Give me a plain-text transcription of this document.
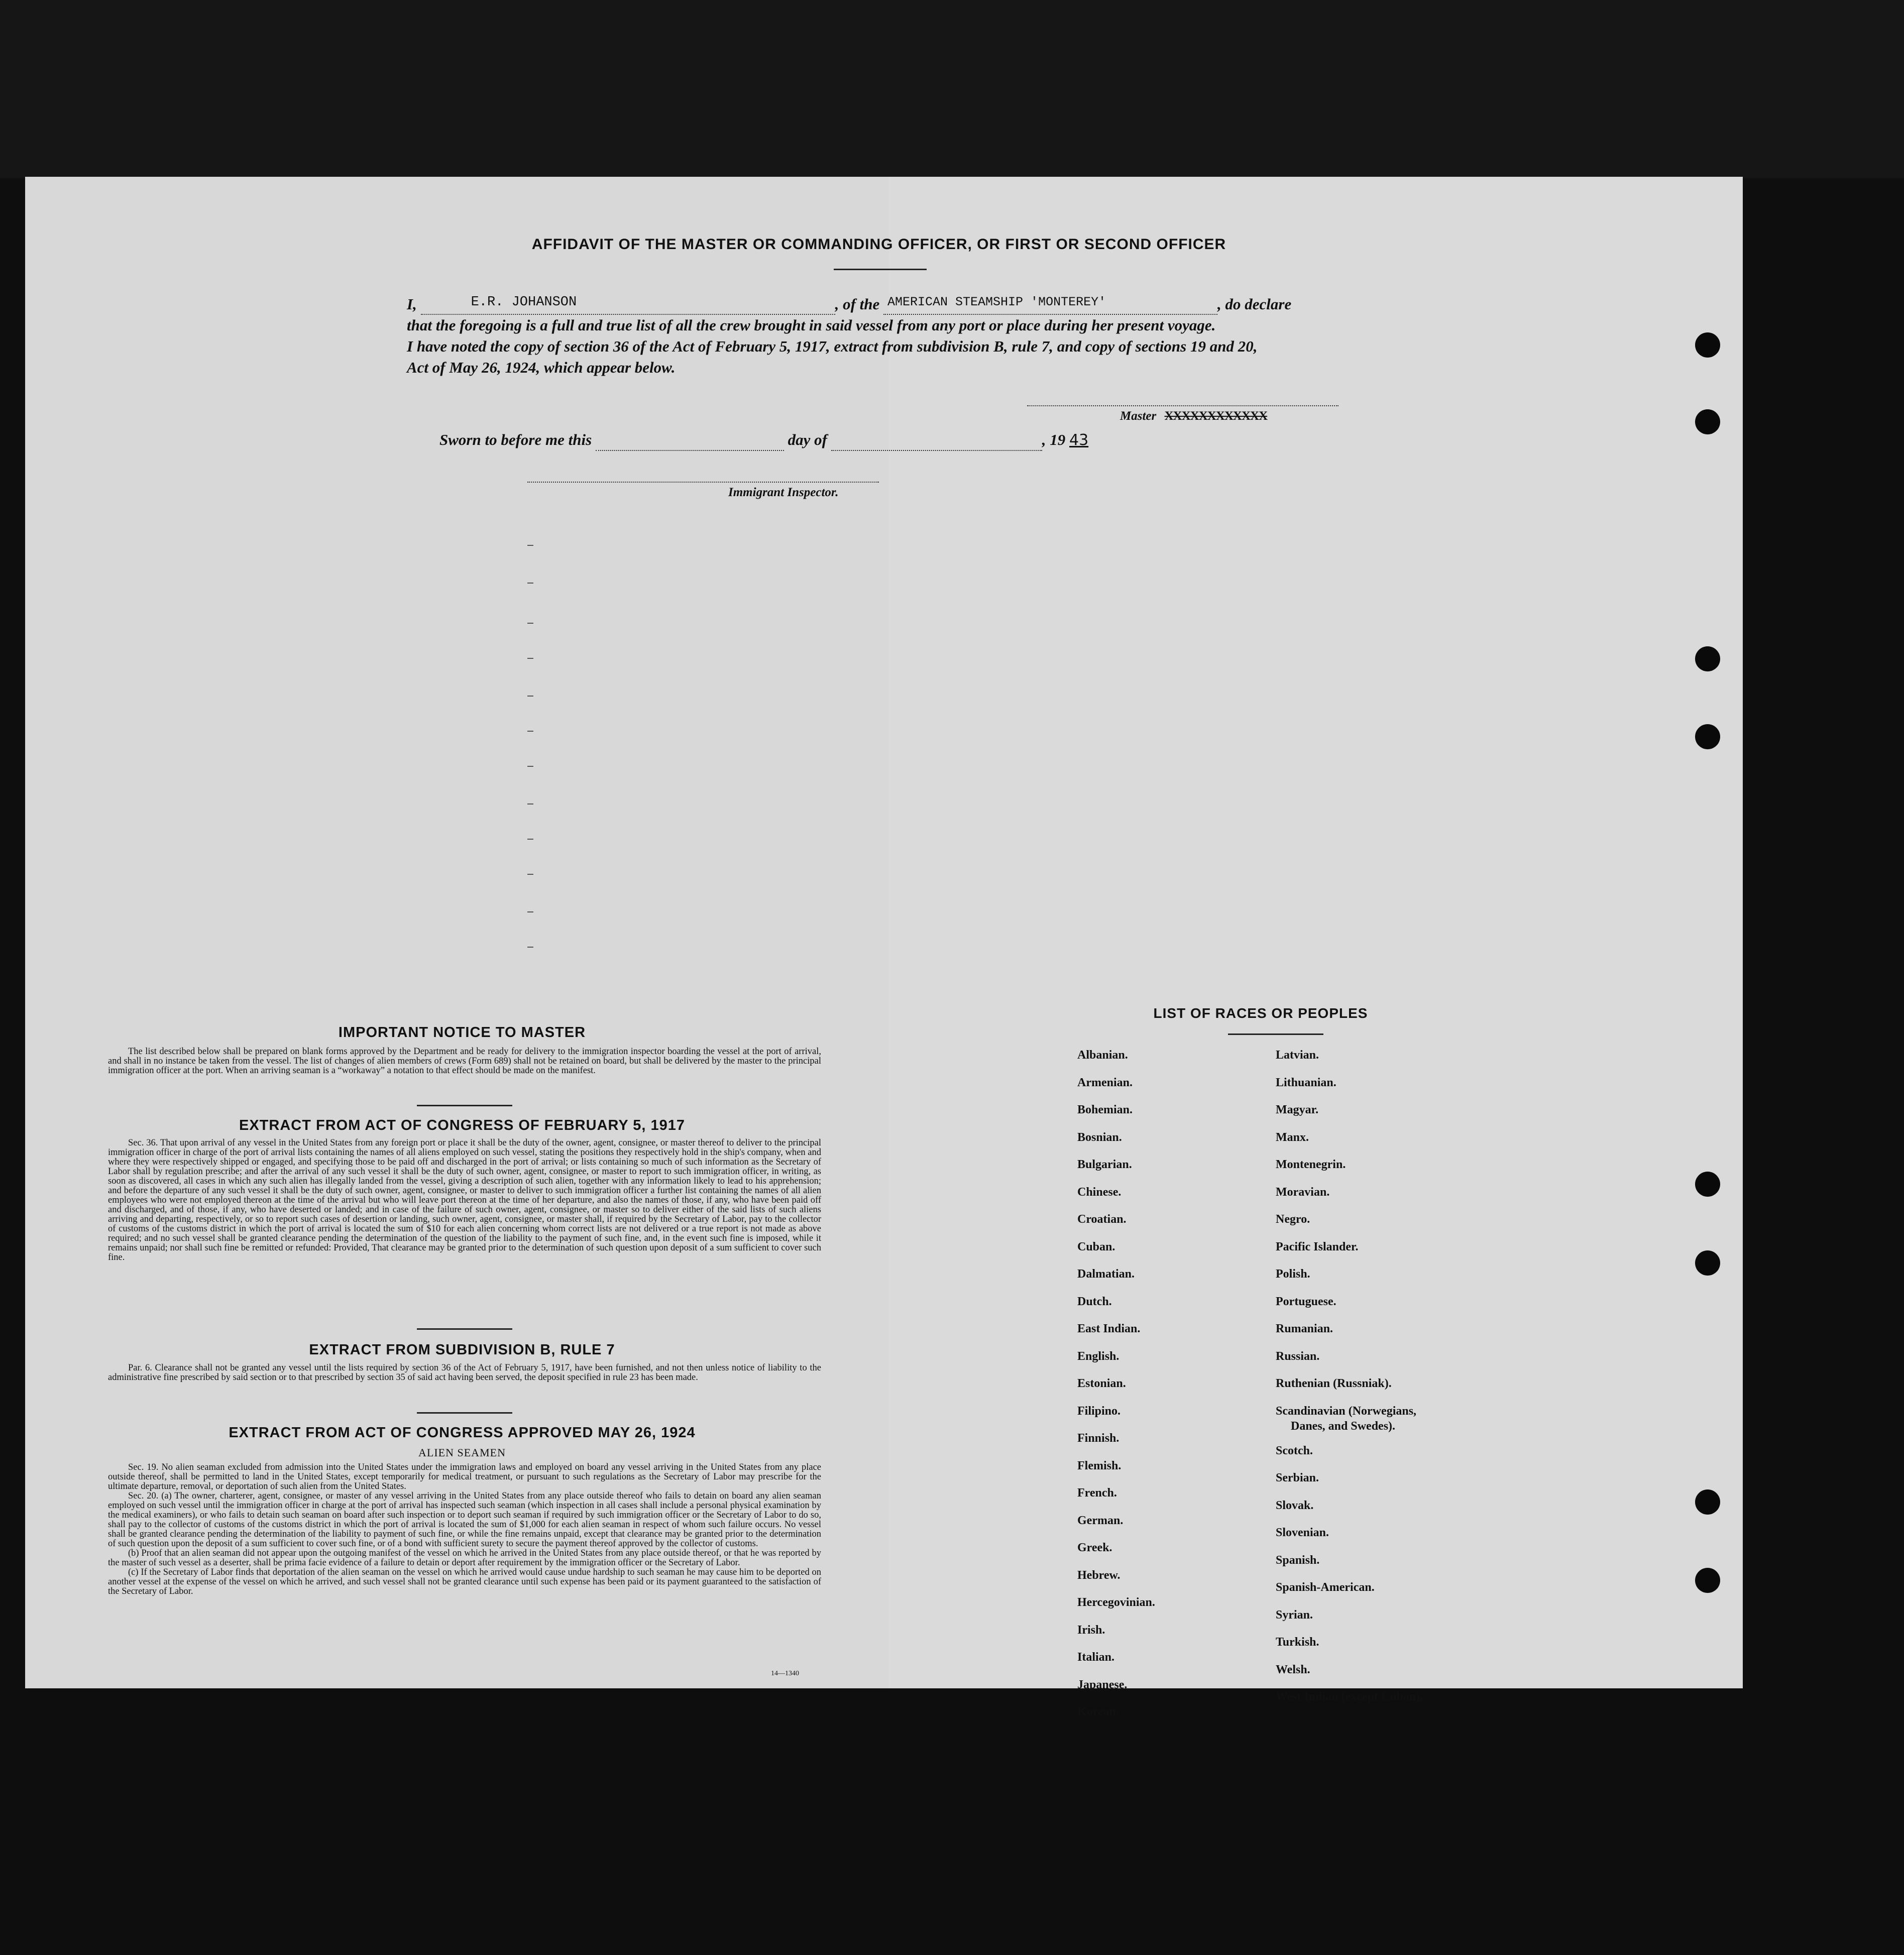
AFFIDAVIT OF THE MASTER OR COMMANDING OFFICER, OR FIRST OR SECOND OFFICER
I,	E.R. JOHANSON	, of the AMERICAN STEAMSHIP 'MONTEREY'	, do declare
that the foregoing is a full and true list of all the crew brought in said vessel from any port or place during her present voyage.
I have noted the copy of section 36 of the Act of February 5, 1917, extract from subdivision B, rule 7, and copy of sections 19 and 20,
Act of May 26, 1924, which appear below.
Master XXXXXXXXXXXX
Sworn to before me this	day of	, 19 43
Immigrant Inspector.
IMPORTANT NOTICE TO MASTER
The list described below shall be prepared on blank forms approved by the Department and be ready for delivery to the immigration inspector boarding the vessel at the port of arrival, and shall in no instance be taken from the vessel. The list of changes of alien members of crews (Form 689) shall not be retained on board, but shall be delivered by the master to the principal immigration officer at the port. When an arriving seaman is a “workaway” a notation to that effect should be made on the manifest.
EXTRACT FROM ACT OF CONGRESS OF FEBRUARY 5, 1917
Sec. 36. That upon arrival of any vessel in the United States from any foreign port or place it shall be the duty of the owner, agent, consignee, or master thereof to deliver to the principal immigration officer in charge of the port of arrival lists containing the names of all aliens employed on such vessel, stating the positions they respectively hold in the ship's company, when and where they were respectively shipped or engaged, and specifying those to be paid off and discharged in the port of arrival; or lists containing so much of such information as the Secretary of Labor shall by regulation prescribe; and after the arrival of any such vessel it shall be the duty of such owner, agent, consignee, or master to report to such immigration officer, in writing, as soon as discovered, all cases in which any such alien has illegally landed from the vessel, giving a description of such alien, together with any information likely to lead to his apprehension; and before the departure of any such vessel it shall be the duty of such owner, agent, consignee, or master to deliver to such immigration officer a further list containing the names of all alien employees who were not employed thereon at the time of the arrival but who will leave port thereon at the time of her departure, and also the names of those, if any, who have been paid off and discharged, and of those, if any, who have deserted or landed; and in case of the failure of such owner, agent, consignee, or master so to deliver either of the said lists of such aliens arriving and departing, respectively, or so to report such cases of desertion or landing, such owner, agent, consignee, or master shall, if required by the Secretary of Labor, pay to the collector of customs of the customs district in which the port of arrival is located the sum of $10 for each alien concerning whom correct lists are not delivered or a true report is not made as above required; and no such vessel shall be granted clearance pending the determination of the question of the liability to the payment of such fine, and, in the event such fine is imposed, while it remains unpaid; nor shall such fine be remitted or refunded: Provided, That clearance may be granted prior to the determination of such question upon deposit of a sum sufficient to cover such fine.
EXTRACT FROM SUBDIVISION B, RULE 7
Par. 6. Clearance shall not be granted any vessel until the lists required by section 36 of the Act of February 5, 1917, have been furnished, and not then unless notice of liability to the administrative fine prescribed by said section or to that prescribed by section 35 of said act having been served, the deposit specified in rule 23 has been made.
EXTRACT FROM ACT OF CONGRESS APPROVED MAY 26, 1924
ALIEN SEAMEN
Sec. 19. No alien seaman excluded from admission into the United States under the immigration laws and employed on board any vessel arriving in the United States from any place outside thereof, shall be permitted to land in the United States, except temporarily for medical treatment, or pursuant to such regulations as the Secretary of Labor may prescribe for the ultimate departure, removal, or deportation of such alien from the United States.
Sec. 20. (a) The owner, charterer, agent, consignee, or master of any vessel arriving in the United States from any place outside thereof who fails to detain on board any alien seaman employed on such vessel until the immigration officer in charge at the port of arrival has inspected such seaman (which inspection in all cases shall include a personal physical examination by the medical examiners), or who fails to detain such seaman on board after such inspection or to deport such seaman if required by such immigration officer or the Secretary of Labor to do so, shall pay to the collector of customs of the customs district in which the port of arrival is located the sum of $1,000 for each alien seaman in respect of whom such failure occurs. No vessel shall be granted clearance pending the determination of the liability to payment of such fine, or while the fine remains unpaid, except that clearance may be granted prior to the determination of such question upon the deposit of a sum sufficient to cover such fine, or of a bond with sufficient surety to secure the payment thereof approved by the collector of customs.
(b) Proof that an alien seaman did not appear upon the outgoing manifest of the vessel on which he arrived in the United States from any place outside thereof, or that he was reported by the master of such vessel as a deserter, shall be prima facie evidence of a failure to detain or deport after requirement by the immigration officer or the Secretary of Labor.
(c) If the Secretary of Labor finds that deportation of the alien seaman on the vessel on which he arrived would cause undue hardship to such seaman he may cause him to be deported on another vessel at the expense of the vessel on which he arrived, and such vessel shall not be granted clearance until such expense has been paid or its payment guaranteed to the satisfaction of the Secretary of Labor.
14—1340
LIST OF RACES OR PEOPLES
Albanian.
Armenian.
Bohemian.
Bosnian.
Bulgarian.
Chinese.
Croatian.
Cuban.
Dalmatian.
Dutch.
East Indian.
English.
Estonian.
Filipino.
Finnish.
Flemish.
French.
German.
Greek.
Hebrew.
Hercegovinian.
Irish.
Italian.
Japanese.
Korean.
Latvian.
Lithuanian.
Magyar.
Manx.
Montenegrin.
Moravian.
Negro.
Pacific Islander.
Polish.
Portuguese.
Rumanian.
Russian.
Ruthenian (Russniak).
Scandinavian (Norwegians,
Danes, and Swedes).
Scotch.
Serbian.
Slovak.
Slovenian.
Spanish.
Spanish-American.
Syrian.
Turkish.
Welsh.
West Indian (except Cuban).
